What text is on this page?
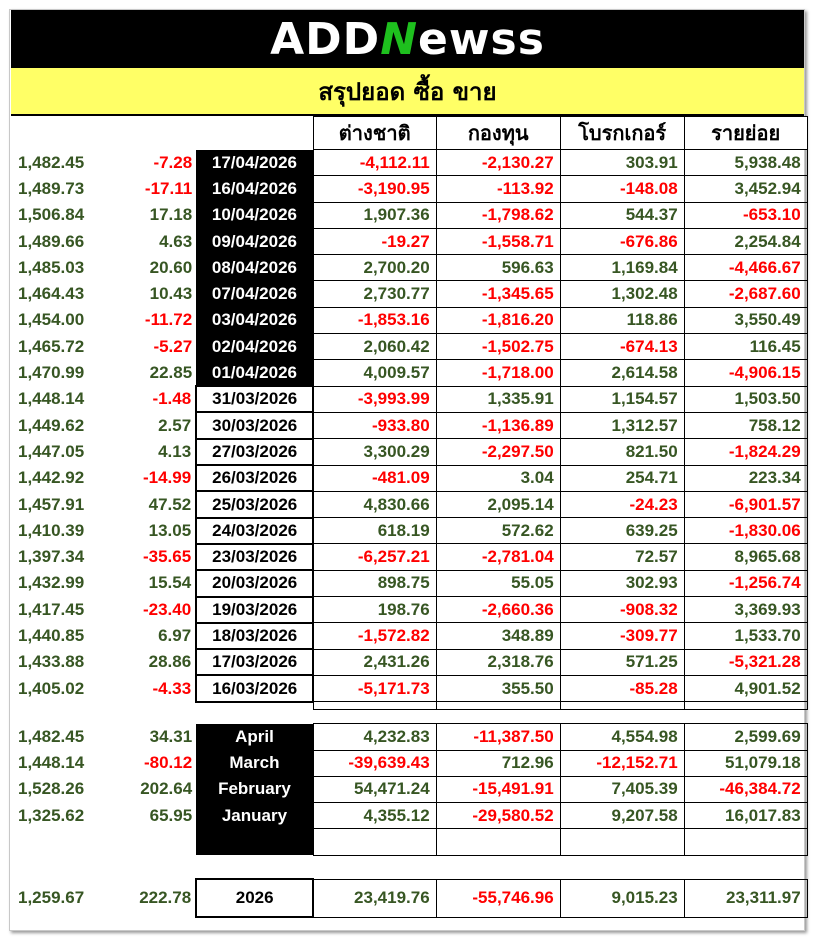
ADD N ewss
สรุปยอด ซื้อ ขาย
			ต่างชาติ	กองทุน	โบรกเกอร์	รายย่อย
1,482.45	-7.28	17/04/2026	-4,112.11	-2,130.27	303.91	5,938.48
1,489.73	-17.11	16/04/2026	-3,190.95	-113.92	-148.08	3,452.94
1,506.84	17.18	10/04/2026	1,907.36	-1,798.62	544.37	-653.10
1,489.66	4.63	09/04/2026	-19.27	-1,558.71	-676.86	2,254.84
1,485.03	20.60	08/04/2026	2,700.20	596.63	1,169.84	-4,466.67
1,464.43	10.43	07/04/2026	2,730.77	-1,345.65	1,302.48	-2,687.60
1,454.00	-11.72	03/04/2026	-1,853.16	-1,816.20	118.86	3,550.49
1,465.72	-5.27	02/04/2026	2,060.42	-1,502.75	-674.13	116.45
1,470.99	22.85	01/04/2026	4,009.57	-1,718.00	2,614.58	-4,906.15
1,448.14	-1.48	31/03/2026	-3,993.99	1,335.91	1,154.57	1,503.50
1,449.62	2.57	30/03/2026	-933.80	-1,136.89	1,312.57	758.12
1,447.05	4.13	27/03/2026	3,300.29	-2,297.50	821.50	-1,824.29
1,442.92	-14.99	26/03/2026	-481.09	3.04	254.71	223.34
1,457.91	47.52	25/03/2026	4,830.66	2,095.14	-24.23	-6,901.57
1,410.39	13.05	24/03/2026	618.19	572.62	639.25	-1,830.06
1,397.34	-35.65	23/03/2026	-6,257.21	-2,781.04	72.57	8,965.68
1,432.99	15.54	20/03/2026	898.75	55.05	302.93	-1,256.74
1,417.45	-23.40	19/03/2026	198.76	-2,660.36	-908.32	3,369.93
1,440.85	6.97	18/03/2026	-1,572.82	348.89	-309.77	1,533.70
1,433.88	28.86	17/03/2026	2,431.26	2,318.76	571.25	-5,321.28
1,405.02	-4.33	16/03/2026	-5,171.73	355.50	-85.28	4,901.52

1,482.45	34.31	April	4,232.83	-11,387.50	4,554.98	2,599.69
1,448.14	-80.12	March	-39,639.43	712.96	-12,152.71	51,079.18
1,528.26	202.64	February	54,471.24	-15,491.91	7,405.39	-46,384.72
1,325.62	65.95	January	4,355.12	-29,580.52	9,207.58	16,017.83

1,259.67	222.78	2026	23,419.76	-55,746.96	9,015.23	23,311.97
